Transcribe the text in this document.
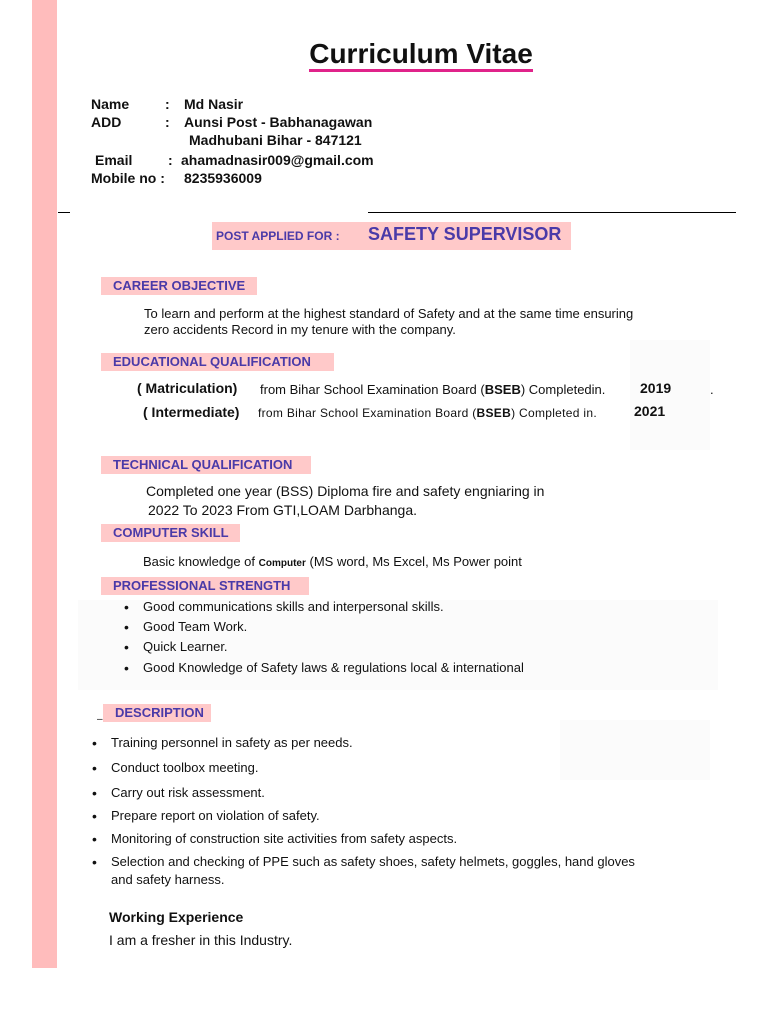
Curriculum Vitae
Name	: Md Nasir
ADD	: Aunsi Post - Babhanagawan
Madhubani Bihar - 847121
Email	: ahamadnasir009@gmail.com
Mobile no : 8235936009
POST APPLIED FOR : SAFETY SUPERVISOR
CAREER OBJECTIVE
To learn and perform at the highest standard of Safety and at the same time ensuring
zero accidents Record in my tenure with the company.
EDUCATIONAL QUALIFICATION
( Matriculation) from Bihar School Examination Board (BSEB) Completedin. 2019	.
( Intermediate) from Bihar School Examination Board (BSEB) Completed in.	2021
TECHNICAL QUALIFICATION
Completed one year (BSS) Diploma fire and safety engniaring in
2022 To 2023 From GTI,LOAM Darbhanga.
COMPUTER SKILL
Basic knowledge of Computer (MS word, Ms Excel, Ms Power point
PROFESSIONAL STRENGTH
• Good communications skills and interpersonal skills.
• Good Team Work.
• Quick Learner.
• Good Knowledge of Safety laws & regulations local & international
– DESCRIPTION
• Training personnel in safety as per needs.
• Conduct toolbox meeting.
• Carry out risk assessment.
• Prepare report on violation of safety.
• Monitoring of construction site activities from safety aspects.
• Selection and checking of PPE such as safety shoes, safety helmets, goggles, hand gloves
and safety harness.
Working Experience
I am a fresher in this Industry.
